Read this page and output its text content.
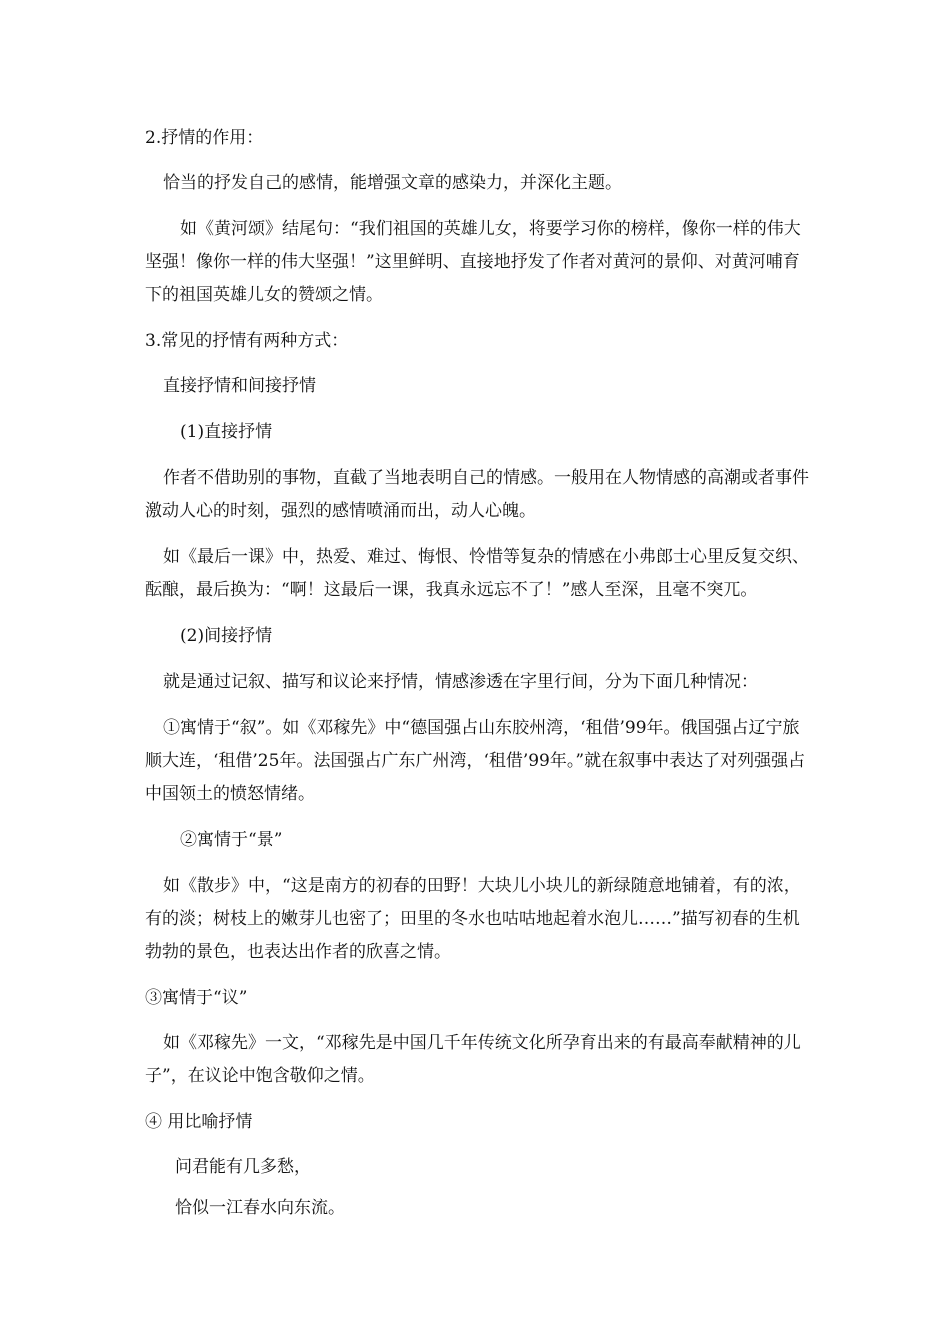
2.抒情的作用：

恰当的抒发自己的感情，能增强文章的感染力，并深化主题。

如《黄河颂》结尾句：“我们祖国的英雄儿女，将要学习你的榜样，像你一样的伟大坚强！像你一样的伟大坚强！”这里鲜明、直接地抒发了作者对黄河的景仰、对黄河哺育下的祖国英雄儿女的赞颂之情。

3.常见的抒情有两种方式：

直接抒情和间接抒情

(1)直接抒情

作者不借助别的事物，直截了当地表明自己的情感。一般用在人物情感的高潮或者事件激动人心的时刻，强烈的感情喷涌而出，动人心魄。

如《最后一课》中，热爱、难过、悔恨、怜惜等复杂的情感在小弗郎士心里反复交织、酝酿，最后换为：“啊！这最后一课，我真永远忘不了！”感人至深，且毫不突兀。

(2)间接抒情

就是通过记叙、描写和议论来抒情，情感渗透在字里行间，分为下面几种情况：

①寓情于“叙”。如《邓稼先》中“德国强占山东胶州湾，‘租借’99年。俄国强占辽宁旅顺大连，‘租借’25年。法国强占广东广州湾，‘租借’99年。”就在叙事中表达了对列强强占中国领土的愤怒情绪。

②寓情于“景”

如《散步》中，“这是南方的初春的田野！大块儿小块儿的新绿随意地铺着，有的浓，有的淡；树枝上的嫩芽儿也密了；田里的冬水也咕咕地起着水泡儿……”描写初春的生机勃勃的景色，也表达出作者的欣喜之情。

③寓情于“议”

如《邓稼先》一文，“邓稼先是中国几千年传统文化所孕育出来的有最高奉献精神的儿子”，在议论中饱含敬仰之情。

④ 用比喻抒情

问君能有几多愁，

恰似一江春水向东流。
